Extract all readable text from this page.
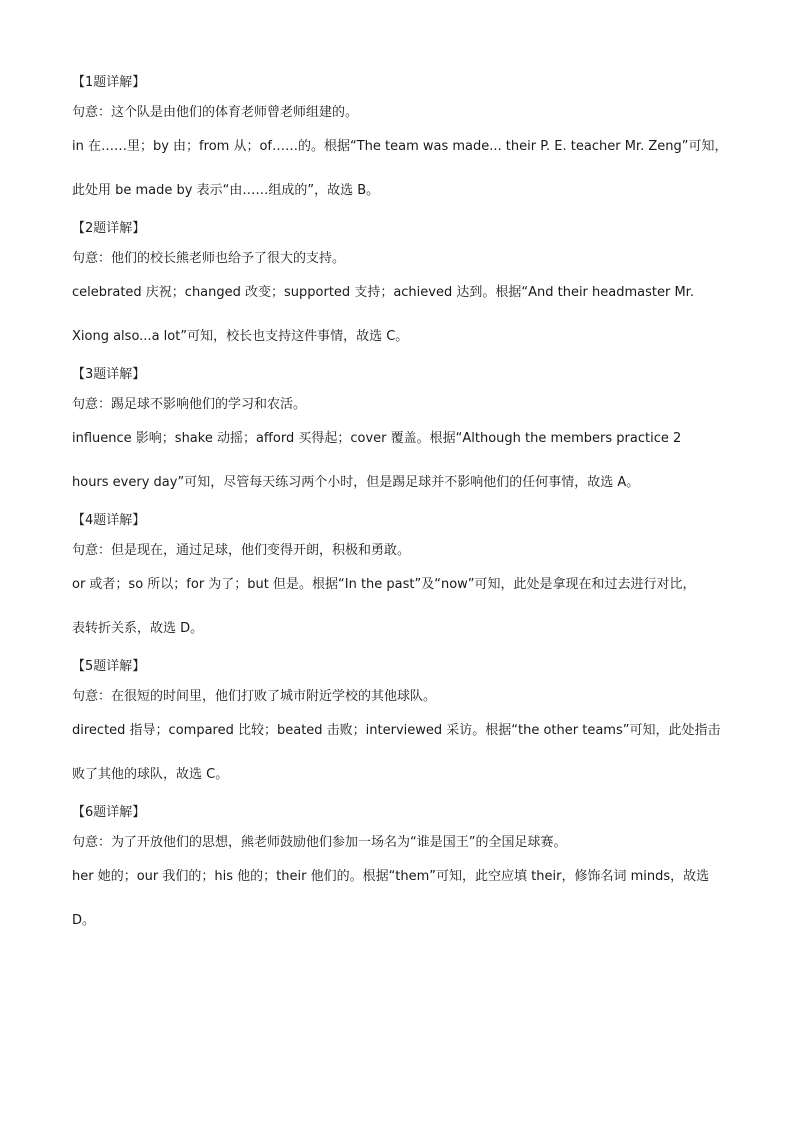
【1题详解】
句意：这个队是由他们的体育老师曾老师组建的。
in 在……里；by 由；from 从；of……的。根据“The team was made... their P. E. teacher Mr. Zeng”可知，
此处用 be made by 表示“由……组成的”，故选 B。
【2题详解】
句意：他们的校长熊老师也给予了很大的支持。
celebrated 庆祝；changed 改变；supported 支持；achieved 达到。根据“And their headmaster Mr.
Xiong also...a lot”可知，校长也支持这件事情，故选 C。
【3题详解】
句意：踢足球不影响他们的学习和农活。
influence 影响；shake 动摇；afford 买得起；cover 覆盖。根据“Although the members practice 2
hours every day”可知，尽管每天练习两个小时，但是踢足球并不影响他们的任何事情，故选 A。
【4题详解】
句意：但是现在，通过足球，他们变得开朗，积极和勇敢。
or 或者；so 所以；for 为了；but 但是。根据“In the past”及“now”可知，此处是拿现在和过去进行对比，
表转折关系，故选 D。
【5题详解】
句意：在很短的时间里，他们打败了城市附近学校的其他球队。
directed 指导；compared 比较；beated 击败；interviewed 采访。根据“the other teams”可知，此处指击
败了其他的球队，故选 C。
【6题详解】
句意：为了开放他们的思想，熊老师鼓励他们参加一场名为“谁是国王”的全国足球赛。
her 她的；our 我们的；his 他的；their 他们的。根据“them”可知，此空应填 their，修饰名词 minds，故选
D。
